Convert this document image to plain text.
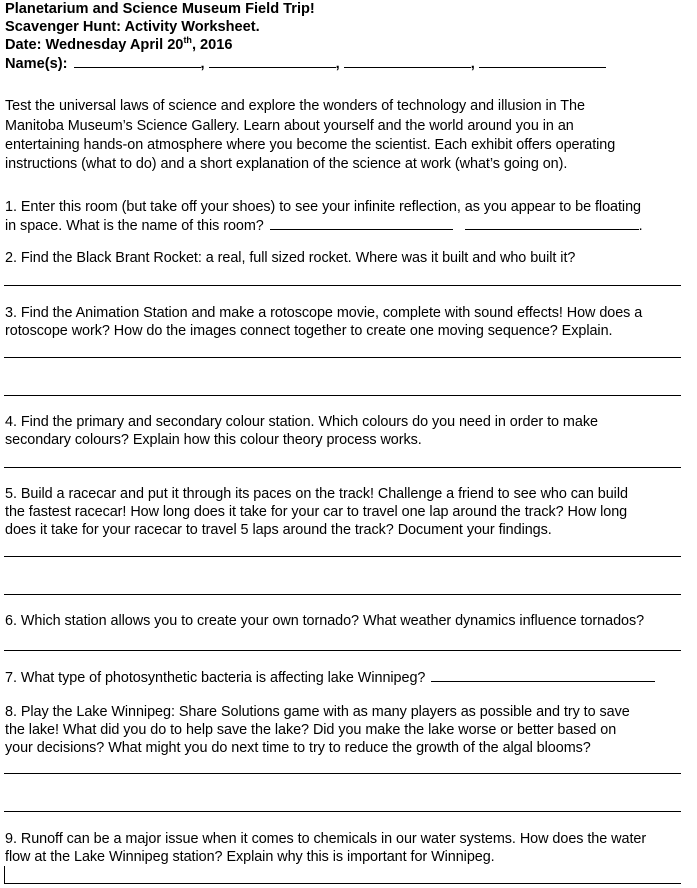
Planetarium and Science Museum Field Trip!
Scavenger Hunt: Activity Worksheet.
Date: Wednesday April 20th, 2016
Name(s):	,	,	,
Test the universal laws of science and explore the wonders of technology and illusion in The
Manitoba Museum’s Science Gallery. Learn about yourself and the world around you in an
entertaining hands-on atmosphere where you become the scientist. Each exhibit offers operating
instructions (what to do) and a short explanation of the science at work (what’s going on).
1. Enter this room (but take off your shoes) to see your infinite reflection, as you appear to be floating
in space. What is the name of this room?	.
2. Find the Black Brant Rocket: a real, full sized rocket. Where was it built and who built it?
3. Find the Animation Station and make a rotoscope movie, complete with sound effects! How does a
rotoscope work? How do the images connect together to create one moving sequence? Explain.
4. Find the primary and secondary colour station. Which colours do you need in order to make
secondary colours? Explain how this colour theory process works.
5. Build a racecar and put it through its paces on the track! Challenge a friend to see who can build
the fastest racecar! How long does it take for your car to travel one lap around the track? How long
does it take for your racecar to travel 5 laps around the track? Document your findings.
6. Which station allows you to create your own tornado? What weather dynamics influence tornados?
7. What type of photosynthetic bacteria is affecting lake Winnipeg?
8. Play the Lake Winnipeg: Share Solutions game with as many players as possible and try to save
the lake! What did you do to help save the lake? Did you make the lake worse or better based on
your decisions? What might you do next time to try to reduce the growth of the algal blooms?
9. Runoff can be a major issue when it comes to chemicals in our water systems. How does the water
flow at the Lake Winnipeg station? Explain why this is important for Winnipeg.
